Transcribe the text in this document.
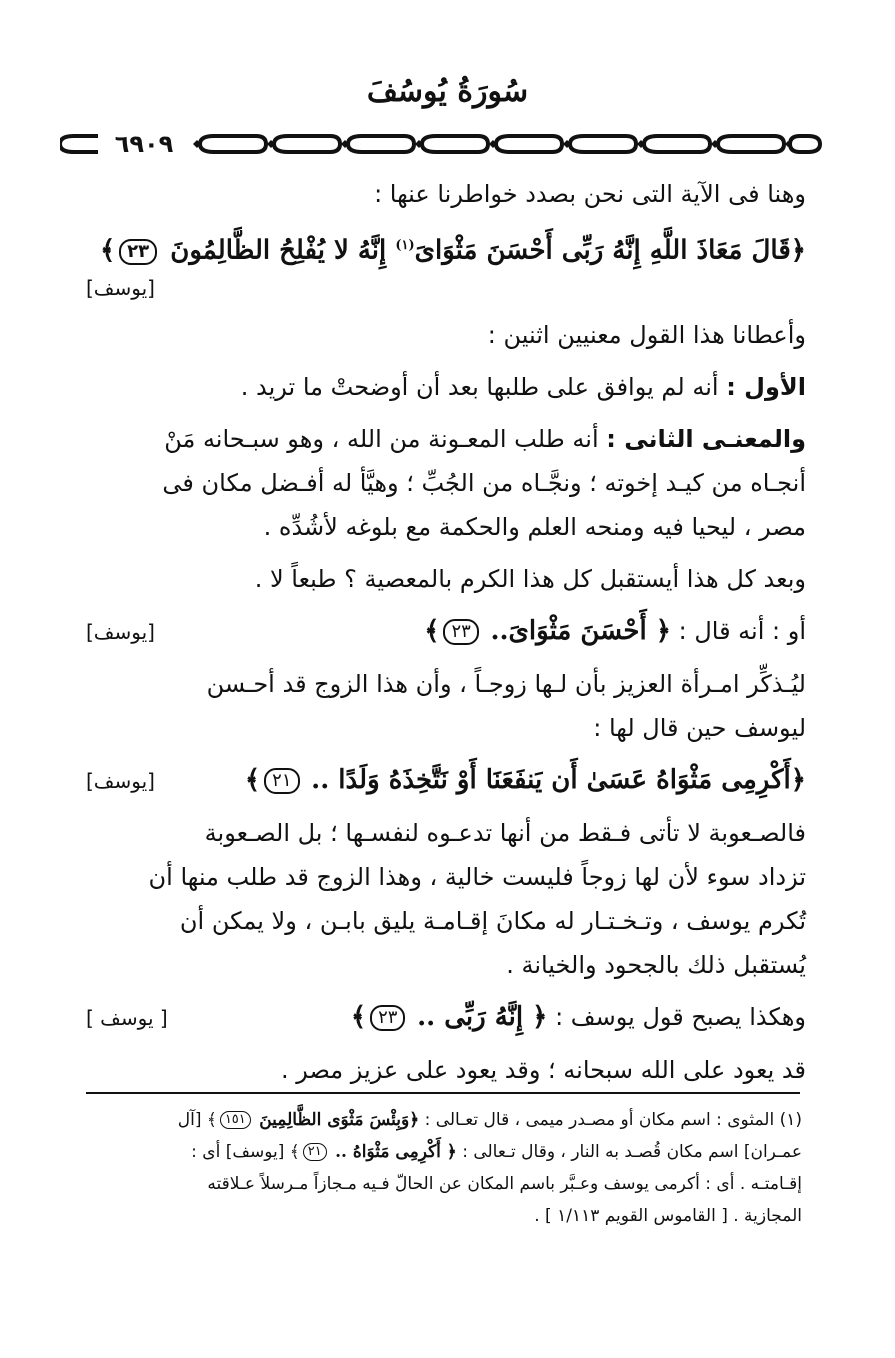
سُورَةُ يُوسُفَ
٦٩٠٩

وهنا فى الآية التى نحن بصدد خواطرنا عنها :

﴿قَالَ مَعَاذَ اللَّهِ إِنَّهُ رَبِّى أَحْسَنَ مَثْوَاىَ$^{(١)}$ إِنَّهُ لا يُفْلِحُ الظَّالِمُونَ ٢٣﴾
[يوسف]

وأعطانا هذا القول معنيين اثنين :

الأول : أنه لم يوافق على طلبها بعد أن أوضحتْ ما تريد .

والمعنـى الثانى : أنه طلب المعـونة من الله ، وهو سبـحانه مَنْ
أنجـاه من كيـد إخوته ؛ ونجَّـاه من الجُبِّ ؛ وهيَّأ له أفـضل مكان فى
مصر ، ليحيا فيه ومنحه العلم والحكمة مع بلوغه لأشُدِّه .

وبعد كل هذا أيستقبل كل هذا الكرم بالمعصية ؟ طبعاً لا .

أو : أنه قال : ﴿ أَحْسَنَ مَثْوَاىَ.. ٢٣﴾
[يوسف]

ليُـذكِّر امـرأة العزيز بأن لـها زوجـاً ، وأن هذا الزوج قد أحـسن
ليوسف حين قال لها :

﴿أَكْرِمِى مَثْوَاهُ عَسَىٰ أَن يَنفَعَنَا أَوْ نَتَّخِذَهُ وَلَدًا .. ٢١﴾
[يوسف]

فالصـعوبة لا تأتى فـقط من أنها تدعـوه لنفسـها ؛ بل الصـعوبة
تزداد سوء لأن لها زوجاً فليست خالية ، وهذا الزوج قد طلب منها أن
تُكرم يوسف ، وتـخـتـار له مكانَ إقـامـة يليق بابـن ، ولا يمكن أن
يُستقبل ذلك بالجحود والخيانة .

وهكذا يصبح قول يوسف : ﴿ إِنَّهُ رَبِّى .. ٢٣﴾
[ يوسف ]

قد يعود على الله سبحانه ؛ وقد يعود على عزيز مصر .

(١) المثوى : اسم مكان أو مصـدر ميمى ، قال تعـالى : ﴿وَبِئْسَ مَثْوَى الظَّالِمِينَ ١٥١﴾ [آل

عمـران] اسم مكان قُصـد به النار ، وقال تـعالى : ﴿ أَكْرِمِى مَثْوَاهُ .. ٢١﴾ [يوسف] أى :

إقـامتـه . أى : أكرمى يوسف وعـبَّر باسم المكان عن الحالّ فـيه مـجازاً مـرسلاً عـلاقته

المجازية . [ القاموس القويم ١/١١٣ ] .
